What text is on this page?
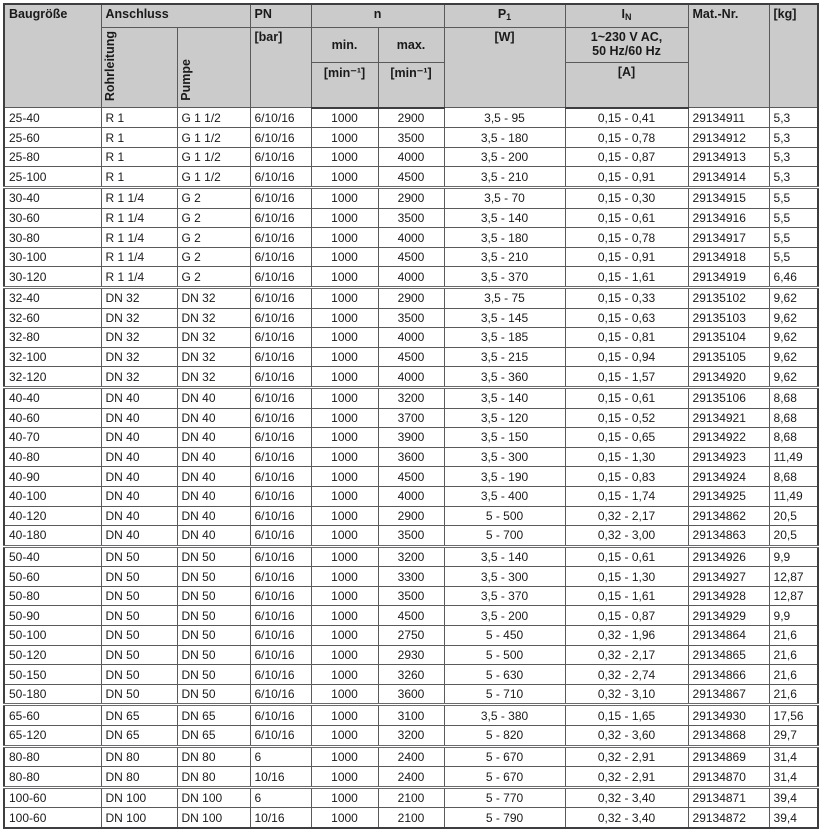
Baugröße	Anschluss		PN	n		$P_1$	$I_N$	Mat.-Nr.	[kg]
	Rohrleitung	Pumpe	[bar]	min.	max.	[W]	1~230 V AC,
50 Hz/60 Hz		

				[min⁻¹]	[min⁻¹]		[A]		
25-40	R 1	G 1 1/2	6/10/16	1000	2900	3,5 - 95	0,15 - 0,41	29134911	5,3
25-60	R 1	G 1 1/2	6/10/16	1000	3500	3,5 - 180	0,15 - 0,78	29134912	5,3
25-80	R 1	G 1 1/2	6/10/16	1000	4000	3,5 - 200	0,15 - 0,87	29134913	5,3
25-100	R 1	G 1 1/2	6/10/16	1000	4500	3,5 - 210	0,15 - 0,91	29134914	5,3
30-40	R 1 1/4	G 2	6/10/16	1000	2900	3,5 - 70	0,15 - 0,30	29134915	5,5
30-60	R 1 1/4	G 2	6/10/16	1000	3500	3,5 - 140	0,15 - 0,61	29134916	5,5
30-80	R 1 1/4	G 2	6/10/16	1000	4000	3,5 - 180	0,15 - 0,78	29134917	5,5
30-100	R 1 1/4	G 2	6/10/16	1000	4500	3,5 - 210	0,15 - 0,91	29134918	5,5
30-120	R 1 1/4	G 2	6/10/16	1000	4000	3,5 - 370	0,15 - 1,61	29134919	6,46
32-40	DN 32	DN 32	6/10/16	1000	2900	3,5 - 75	0,15 - 0,33	29135102	9,62
32-60	DN 32	DN 32	6/10/16	1000	3500	3,5 - 145	0,15 - 0,63	29135103	9,62
32-80	DN 32	DN 32	6/10/16	1000	4000	3,5 - 185	0,15 - 0,81	29135104	9,62
32-100	DN 32	DN 32	6/10/16	1000	4500	3,5 - 215	0,15 - 0,94	29135105	9,62
32-120	DN 32	DN 32	6/10/16	1000	4000	3,5 - 360	0,15 - 1,57	29134920	9,62
40-40	DN 40	DN 40	6/10/16	1000	3200	3,5 - 140	0,15 - 0,61	29135106	8,68
40-60	DN 40	DN 40	6/10/16	1000	3700	3,5 - 120	0,15 - 0,52	29134921	8,68
40-70	DN 40	DN 40	6/10/16	1000	3900	3,5 - 150	0,15 - 0,65	29134922	8,68
40-80	DN 40	DN 40	6/10/16	1000	3600	3,5 - 300	0,15 - 1,30	29134923	11,49
40-90	DN 40	DN 40	6/10/16	1000	4500	3,5 - 190	0,15 - 0,83	29134924	8,68
40-100	DN 40	DN 40	6/10/16	1000	4000	3,5 - 400	0,15 - 1,74	29134925	11,49
40-120	DN 40	DN 40	6/10/16	1000	2900	5 - 500	0,32 - 2,17	29134862	20,5
40-180	DN 40	DN 40	6/10/16	1000	3500	5 - 700	0,32 - 3,00	29134863	20,5
50-40	DN 50	DN 50	6/10/16	1000	3200	3,5 - 140	0,15 - 0,61	29134926	9,9
50-60	DN 50	DN 50	6/10/16	1000	3300	3,5 - 300	0,15 - 1,30	29134927	12,87
50-80	DN 50	DN 50	6/10/16	1000	3500	3,5 - 370	0,15 - 1,61	29134928	12,87
50-90	DN 50	DN 50	6/10/16	1000	4500	3,5 - 200	0,15 - 0,87	29134929	9,9
50-100	DN 50	DN 50	6/10/16	1000	2750	5 - 450	0,32 - 1,96	29134864	21,6
50-120	DN 50	DN 50	6/10/16	1000	2930	5 - 500	0,32 - 2,17	29134865	21,6
50-150	DN 50	DN 50	6/10/16	1000	3260	5 - 630	0,32 - 2,74	29134866	21,6
50-180	DN 50	DN 50	6/10/16	1000	3600	5 - 710	0,32 - 3,10	29134867	21,6
65-60	DN 65	DN 65	6/10/16	1000	3100	3,5 - 380	0,15 - 1,65	29134930	17,56
65-120	DN 65	DN 65	6/10/16	1000	3200	5 - 820	0,32 - 3,60	29134868	29,7
80-80	DN 80	DN 80	6	1000	2400	5 - 670	0,32 - 2,91	29134869	31,4
80-80	DN 80	DN 80	10/16	1000	2400	5 - 670	0,32 - 2,91	29134870	31,4
100-60	DN 100	DN 100	6	1000	2100	5 - 770	0,32 - 3,40	29134871	39,4
100-60	DN 100	DN 100	10/16	1000	2100	5 - 790	0,32 - 3,40	29134872	39,4
